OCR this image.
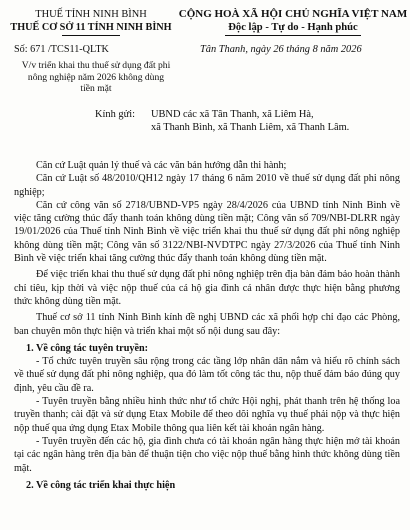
THUẾ TỈNH NINH BÌNH
THUẾ CƠ SỞ 11 TỈNH NINH BÌNH
Số: 671 /TCS11-QLTK
V/v triển khai thu thuế sử dụng đất phi
nông nghiệp năm 2026 không dùng
tiền mặt
CỘNG HOÀ XÃ HỘI CHỦ NGHĨA VIỆT NAM
Độc lập - Tự do - Hạnh phúc
Tân Thanh, ngày 26 tháng 8 năm 2026
Kính gửi: UBND các xã Tân Thanh, xã Liêm Hà,
xã Thanh Bình, xã Thanh Liêm, xã Thanh Lâm.

Căn cứ Luật quản lý thuế và các văn bản hướng dẫn thi hành;

Căn cứ Luật số 48/2010/QH12 ngày 17 tháng 6 năm 2010 về thuế sử dụng đất phi nông nghiệp;

Căn cứ công văn số 2718/UBND-VP5 ngày 28/4/2026 của UBND tỉnh Ninh Bình về việc tăng cường thúc đẩy thanh toán không dùng tiền mặt; Công văn số 709/NBI-DLRR ngày 19/01/2026 của Thuế tỉnh Ninh Bình về việc triển khai thu thuế sử dụng đất phi nông nghiệp không dùng tiền mặt; Công văn số 3122/NBI-NVDTPC ngày 27/3/2026 của Thuế tỉnh Ninh Bình về việc triển khai tăng cường thúc đẩy thanh toán không dùng tiền mặt.

Để việc triển khai thu thuế sử dụng đất phi nông nghiệp trên địa bàn đảm bảo hoàn thành chỉ tiêu, kịp thời và việc nộp thuế của cá hộ gia đình cá nhân được thực hiện bằng phương thức không dùng tiền mặt.

Thuế cơ sở 11 tỉnh Ninh Bình kính đề nghị UBND các xã phối hợp chỉ đạo các Phòng, ban chuyên môn thực hiện và triển khai một số nội dung sau đây:

1. Về công tác tuyên truyền:

- Tổ chức tuyên truyền sâu rộng trong các tầng lớp nhân dân nắm và hiểu rõ chính sách về thuế sử dụng đất phi nông nghiệp, qua đó làm tốt công tác thu, nộp thuế đảm bảo đúng quy định, yêu cầu đề ra.

- Tuyên truyền bằng nhiều hình thức như tổ chức Hội nghị, phát thanh trên hệ thống loa truyền thanh; cài đặt và sử dụng Etax Mobile để theo dõi nghĩa vụ thuế phải nộp và thực hiện nộp thuế qua ứng dụng Etax Mobile thông qua liên kết tài khoản ngân hàng.

- Tuyên truyền đến các hộ, gia đình chưa có tài khoản ngân hàng thực hiện mở tài khoản tại các ngân hàng trên địa bàn để thuận tiện cho việc nộp thuế bằng hình thức không dùng tiền mặt.

2. Về công tác triển khai thực hiện
